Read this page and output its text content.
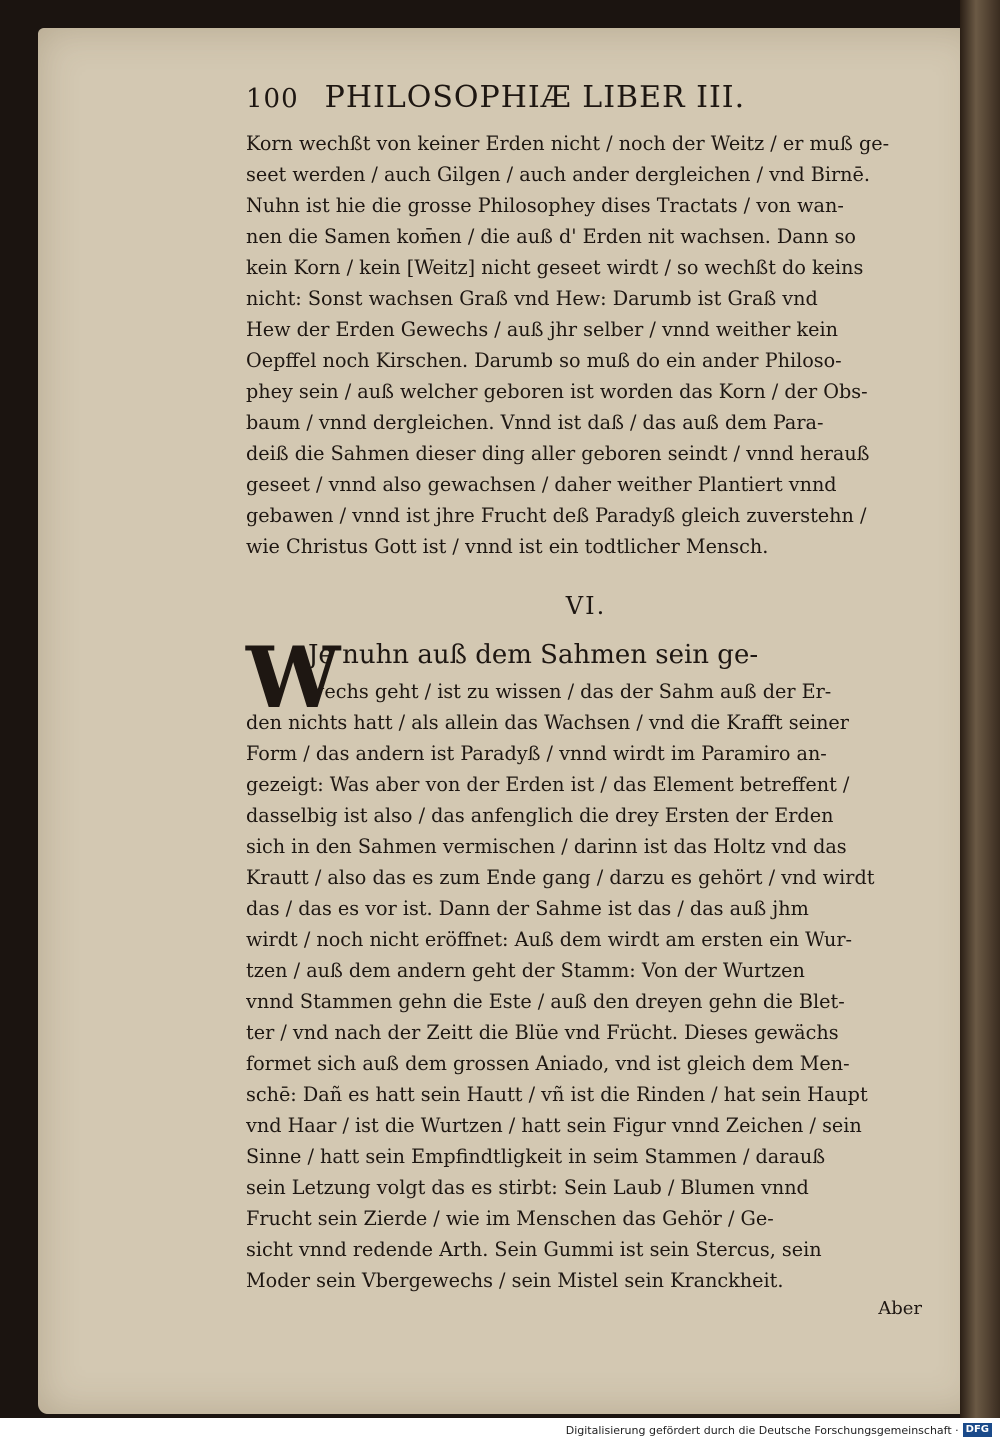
100 PHILOSOPHIÆ LIBER III.
Korn wechßt von keiner Erden nicht / noch der Weitz / er muß ge-
seet werden / auch Gilgen / auch ander dergleichen / vnd Birnē.
Nuhn ist hie die grosse Philosophey dises Tractats / von wan-
nen die Samen kom̄en / die auß d' Erden nit wachsen. Dann so
kein Korn / kein [Weitz] nicht geseet wirdt / so wechßt do keins
nicht: Sonst wachsen Graß vnd Hew: Darumb ist Graß vnd
Hew der Erden Gewechs / auß jhr selber / vnnd weither kein
Oepffel noch Kirschen. Darumb so muß do ein ander Philoso-
phey sein / auß welcher geboren ist worden das Korn / der Obs-
baum / vnnd dergleichen. Vnnd ist daß / das auß dem Para-
deiß die Sahmen dieser ding aller geboren seindt / vnnd herauß
geseet / vnnd also gewachsen / daher weither Plantiert vnnd
gebawen / vnnd ist jhre Frucht deß Paradyß gleich zuverstehn /
wie Christus Gott ist / vnnd ist ein todtlicher Mensch.
VI.
W
Je nuhn auß dem Sahmen sein ge-
wechs geht / ist zu wissen / das der Sahm auß der Er-
den nichts hatt / als allein das Wachsen / vnd die Krafft seiner
Form / das andern ist Paradyß / vnnd wirdt im Paramiro an-
gezeigt: Was aber von der Erden ist / das Element betreffent /
dasselbig ist also / das anfenglich die drey Ersten der Erden
sich in den Sahmen vermischen / darinn ist das Holtz vnd das
Krautt / also das es zum Ende gang / darzu es gehört / vnd wirdt
das / das es vor ist. Dann der Sahme ist das / das auß jhm
wirdt / noch nicht eröffnet: Auß dem wirdt am ersten ein Wur-
tzen / auß dem andern geht der Stamm: Von der Wurtzen
vnnd Stammen gehn die Este / auß den dreyen gehn die Blet-
ter / vnd nach der Zeitt die Blüe vnd Frücht. Dieses gewächs
formet sich auß dem grossen Aniado, vnd ist gleich dem Men-
schē: Dañ es hatt sein Hautt / vñ ist die Rinden / hat sein Haupt
vnd Haar / ist die Wurtzen / hatt sein Figur vnnd Zeichen / sein
Sinne / hatt sein Empfindtligkeit in seim Stammen / darauß
sein Letzung volgt das es stirbt: Sein Laub / Blumen vnnd
Frucht sein Zierde / wie im Menschen das Gehör / Ge-
sicht vnnd redende Arth. Sein Gummi ist sein Stercus, sein
Moder sein Vbergewechs / sein Mistel sein Kranckheit.
Aber
Digitalisierung gefördert durch die Deutsche Forschungsgemeinschaft · DFG
